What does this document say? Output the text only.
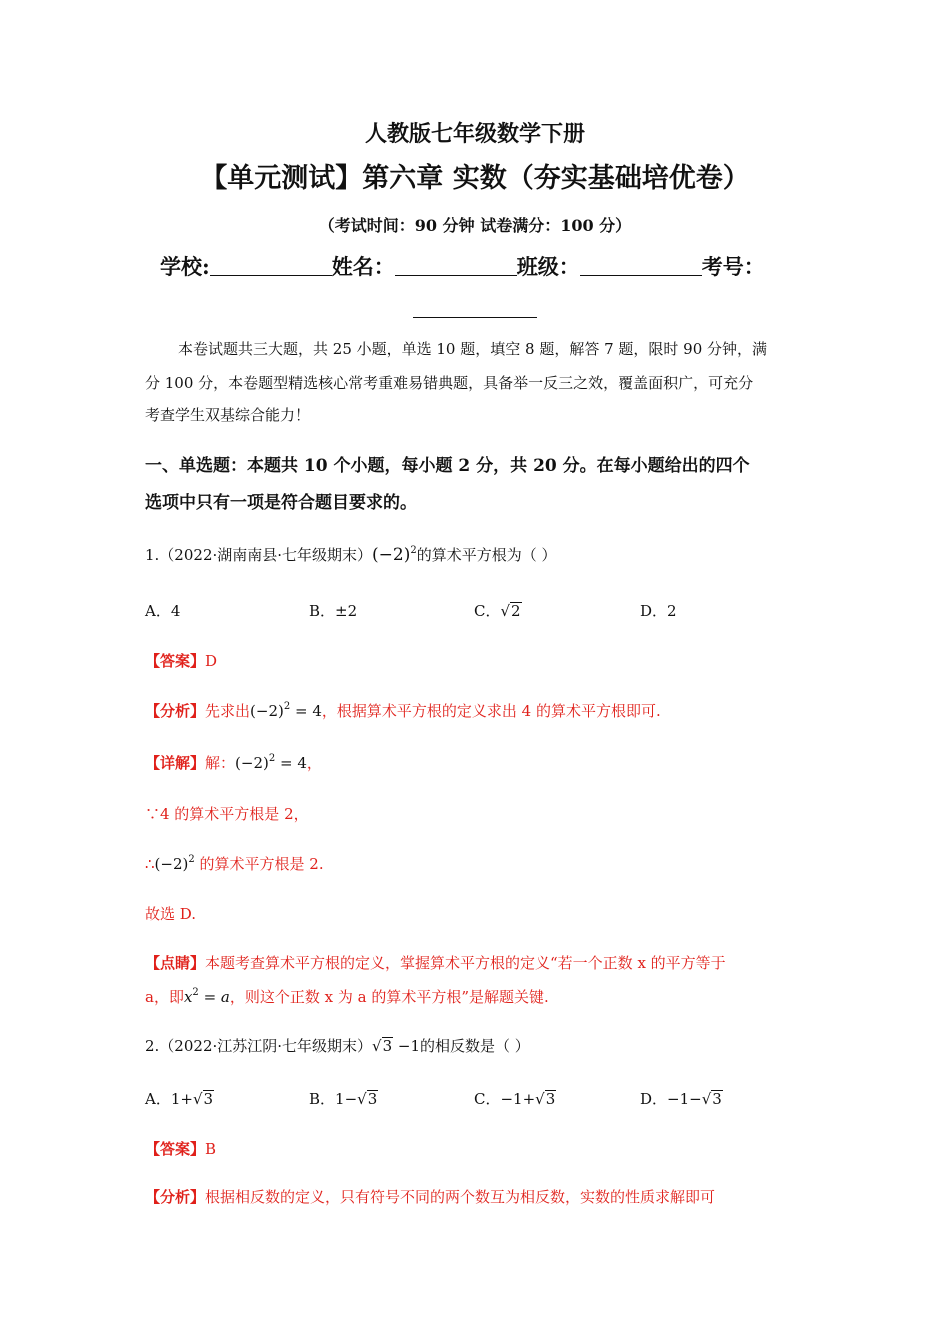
人教版七年级数学下册
【单元测试】第六章 实数（夯实基础培优卷）
（考试时间：90 分钟 试卷满分：100 分）
学校:	姓名：	班级：	考号：
本卷试题共三大题，共 25 小题，单选 10 题，填空 8 题，解答 7 题，限时 90 分钟，满
分 100 分，本卷题型精选核心常考重难易错典题，具备举一反三之效，覆盖面积广，可充分
考查学生双基综合能力！
一、单选题：本题共 10 个小题，每小题 2 分，共 20 分。在每小题给出的四个
选项中只有一项是符合题目要求的。
1.（2022·湖南南县·七年级期末）$(-2)^2$的算术平方根为（ ）
A．4	B．±2	C．√2	D．2
【答案】D
【分析】先求出$(-2)^2 = 4$，根据算术平方根的定义求出 4 的算术平方根即可.
【详解】解：$(-2)^2 = 4$，
∵4 的算术平方根是 2，
$\therefore(-2)^2$ 的算术平方根是 2.
故选 D.
【点睛】本题考查算术平方根的定义，掌握算术平方根的定义“若一个正数 x 的平方等于
a，即$x^2 = a$，则这个正数 x 为 a 的算术平方根”是解题关键.
2.（2022·江苏江阴·七年级期末）√3 −1的相反数是（ ）
A．1+√3	B．1−√3	C．−1+√3	D．−1−√3
【答案】B
【分析】根据相反数的定义，只有符号不同的两个数互为相反数，实数的性质求解即可
